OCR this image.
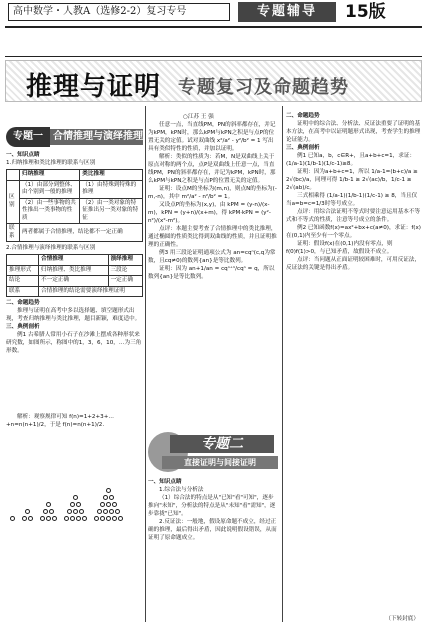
高中数学・人教A（选修2-2）复习专号	专题辅导	15版
推理与证明 专题复习及命题趋势
专题一	合情推理与演绎推理
一、知识点睛
1.归纳推理和类比推理的联系与区别
	归纳推理	类比推理
区别	（1）由部分到整体、由个别到一般的推理	（1）由特殊到特殊的推理
	（2）由一些事物的共性推出一类事物的性质	（2）由一类对象的特征推出另一类对象的特征
联系	两者都属于合情推理，结论都不一定正确	
2.合情推理与演绎推理的联系与区别
	合情推理	演绎推理
推理形式	归纳推理、类比推理	三段论
结论	不一定正确	一定正确
联系	合情推理的结论需要演绎推理证明	
二、命题趋势

推理与证明在高考中多以选择题、填空题形式出现，考查归纳推理与类比推理，题目新颖，难度适中。

三、典例剖析

例1 古希腊人常用小石子在沙滩上摆成各种形状来研究数，如图所示，称图中的1，3，6，10，…为三角形数。

解析：观察规律可知 f(n)=1+2+3+…+n=n(n+1)/2，于是 f(n)=n(n+1)/2.

○江苏 王 强

任意一点，当直线PM，PN的斜率都存在，并记为kPM，kPN时，那么kPM与kPN之积是与点P的位置无关的定值。试对双曲线 x²/a² - y²/b² = 1 写出具有类似特性的性质，并加以证明。

解析：类似的性质为：若M，N是双曲线上关于原点对称的两个点，点P是双曲线上任意一点，当直线PM，PN的斜率都存在，并记为kPM，kPN时，那么kPM与kPN之积是与点P的位置无关的定值。

证明：设点M的坐标为(m,n)，则点N的坐标为(-m,-n)，其中 m²/a² - n²/b² = 1。

又设点P的坐标为(x,y)，由 kPM = (y-n)/(x-m)，kPN = (y+n)/(x+m)，得 kPM·kPN = (y²-n²)/(x²-m²)。

点评：本题主要考查了合情推理中的类比推理，通过椭圆的性质类比得到双曲线的性质，并且证明推理的正确性。

例3 用三段论证明通项公式为 an=cqⁿ(c,q为常数，且cq≠0)的数列{an}是等比数列。

证明：因为 an+1/an = cqⁿ⁺¹/cqⁿ = q，所以数列{an}是等比数列。

专题二
直接证明与间接证明
一、知识点睛

1.综合法与分析法

（1）综合法的特点是从"已知"看"可知"，逐步推向"未知"，分析法的特点是从"未知"看"需知"，逐步靠拢"已知"。

2.反证法：一般地，假设原命题不成立，经过正确的推理，最后得出矛盾，因此说明假设错误，从而证明了原命题成立。

二、命题趋势

证明中的综合法、分析法、反证法重要了证明的基本方法，在高考中以证明题形式出现，考查学生的推理论证能力。

三、典例剖析

例1 已知a，b，c∈R+，且a+b+c=1，求证：(1/a-1)(1/b-1)(1/c-1)≥8。

证明：因为a+b+c=1，所以 1/a-1=(b+c)/a ≥ 2√(bc)/a，同理可得 1/b-1 ≥ 2√(ac)/b，1/c-1 ≥ 2√(ab)/c。

三式相乘得 (1/a-1)(1/b-1)(1/c-1) ≥ 8，当且仅当a=b=c=1/3时等号成立。

点评：用综合法证明不等式时要注意运用基本不等式和不等式的性质，注意等号成立的条件。

例2 已知函数f(x)=ax²+bx+c(a≠0)，求证：f(x)在(0,1)内至少有一个零点。

证明：假设f(x)在(0,1)内没有零点，则f(0)f(1)>0，与已知矛盾，故假设不成立。

点评：当问题从正面证明较困难时，可用反证法，反证法的关键是得出矛盾。

（下转封底）
